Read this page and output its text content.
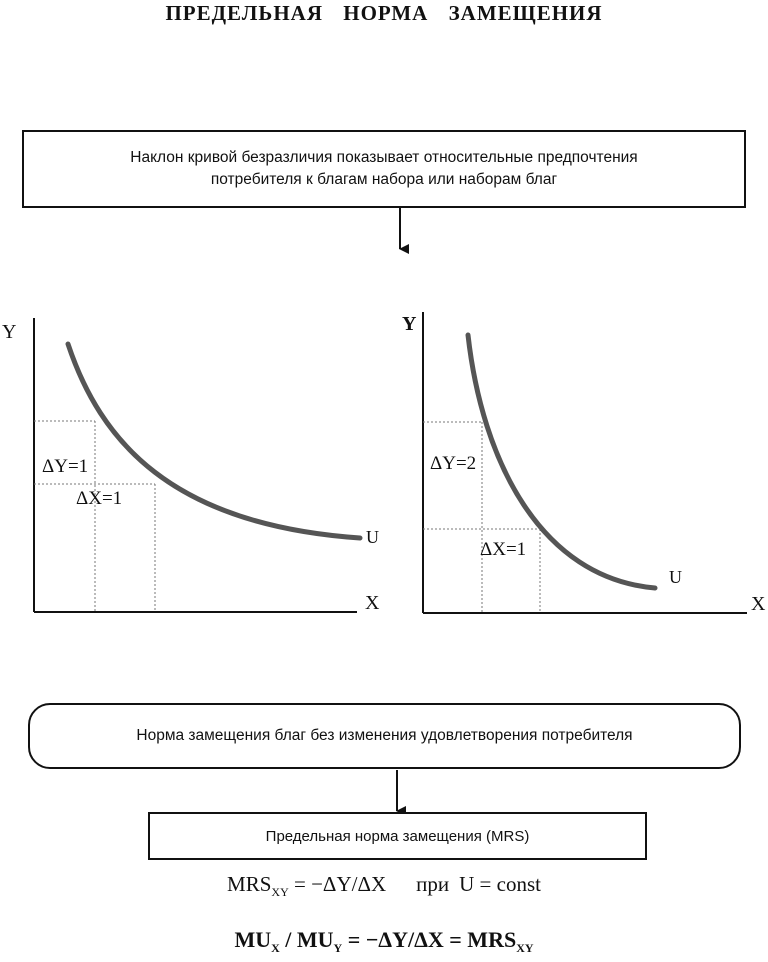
ПРЕДЕЛЬНАЯ НОРМА ЗАМЕЩЕНИЯ
Наклон кривой безразличия показывает относительные предпочтения
потребителя к благам набора или наборам благ
Y
X
U
ΔY=1
ΔX=1
Y
X
U
ΔY=2
ΔX=1
Норма замещения благ без изменения удовлетворения потребителя
Предельная норма замещения (MRS)
$MRS_{XY} = -\Delta Y/\Delta X$ при U = const
$MU_X / MU_Y = -\Delta Y/\Delta X = MRS_{XY}$
